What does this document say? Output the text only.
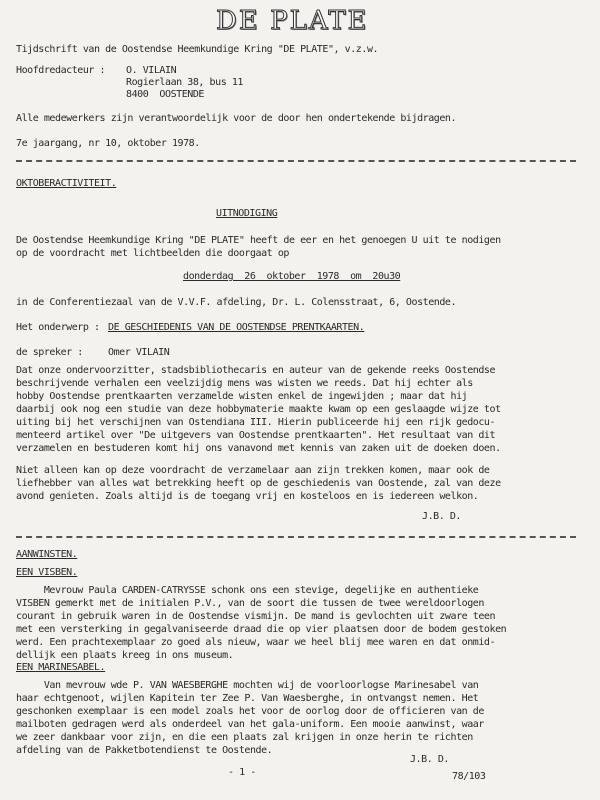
DE PLATE
Tijdschrift van de Oostendse Heemkundige Kring "DE PLATE", v.z.w.
Hoofdredacteur : O. VILAIN
Rogierlaan 38, bus 11
8400  OOSTENDE
Alle medewerkers zijn verantwoordelijk voor de door hen ondertekende bijdragen.
7e jaargang, nr 10, oktober 1978.
OKTOBERACTIVITEIT.
UITNODIGING
De Oostendse Heemkundige Kring "DE PLATE" heeft de eer en het genoegen U uit te nodigen
op de voordracht met lichtbeelden die doorgaat op
donderdag  26  oktober  1978  om  20u30
in de Conferentiezaal van de V.V.F. afdeling, Dr. L. Colensstraat, 6, Oostende.
Het onderwerp : DE GESCHIEDENIS VAN DE OOSTENDSE PRENTKAARTEN.
de spreker :	Omer VILAIN
Dat onze ondervoorzitter, stadsbibliothecaris en auteur van de gekende reeks Oostendse
beschrijvende verhalen een veelzijdig mens was wisten we reeds. Dat hij echter als
hobby Oostendse prentkaarten verzamelde wisten enkel de ingewijden ; maar dat hij
daarbij ook nog een studie van deze hobbymaterie maakte kwam op een geslaagde wijze tot
uiting bij het verschijnen van Ostendiana III. Hierin publiceerde hij een rijk gedocu-
menteerd artikel over "De uitgevers van Oostendse prentkaarten". Het resultaat van dit
verzamelen en bestuderen komt hij ons vanavond met kennis van zaken uit de doeken doen.
Niet alleen kan op deze voordracht de verzamelaar aan zijn trekken komen, maar ook de
liefhebber van alles wat betrekking heeft op de geschiedenis van Oostende, zal van deze
avond genieten. Zoals altijd is de toegang vrij en kosteloos en is iedereen welkon.
J.B. D.
AANWINSTEN.
EEN VISBEN.
Mevrouw Paula CARDEN-CATRYSSE schonk ons een stevige, degelijke en authentieke
VISBEN gemerkt met de initialen P.V., van de soort die tussen de twee wereldoorlogen
courant in gebruik waren in de Oostendse vismijn. De mand is gevlochten uit zware teen
met een versterking in gegalvaniseerde draad die op vier plaatsen door de bodem gestoken
werd. Een prachtexemplaar zo goed als nieuw, waar we heel blij mee waren en dat onmid-
dellijk een plaats kreeg in ons museum.
EEN MARINESABEL.
Van mevrouw wde P. VAN WAESBERGHE mochten wij de voorloorlogse Marinesabel van
haar echtgenoot, wijlen Kapitein ter Zee P. Van Waesberghe, in ontvangst nemen. Het
geschonken exemplaar is een model zoals het voor de oorlog door de officieren van de
mailboten gedragen werd als onderdeel van het gala-uniform. Een mooie aanwinst, waar
we zeer dankbaar voor zijn, en die een plaats zal krijgen in onze herin te richten
afdeling van de Pakketbotendienst te Oostende.
J.B. D.
- 1 -	78/103
